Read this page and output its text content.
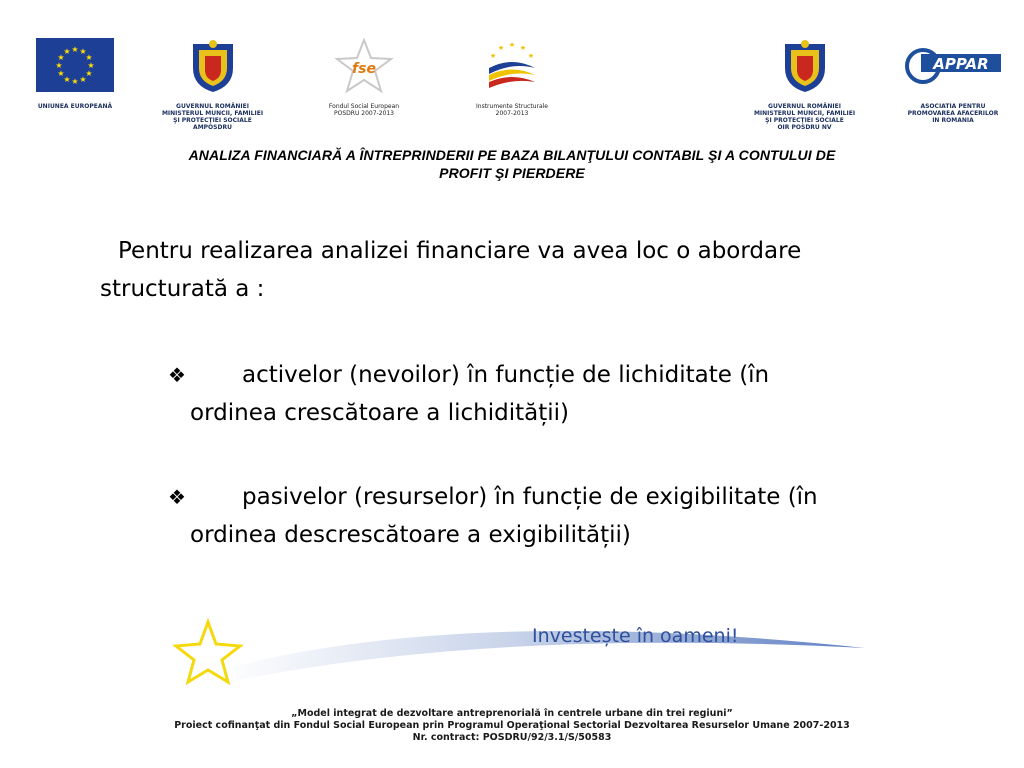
★ ★
★
★
★
★
★
★
★
★
★
★
UNIUNEA EUROPEANĂ	GUVERNUL ROMÂNIEI
MINISTERUL MUNCII, FAMILIEI
ŞI PROTECŢIEI SOCIALE
AMPOSDRU
fse
Fondul Social European
POSDRU 2007-2013
★ ★
★
★
★
Instrumente Structurale
2007-2013
GUVERNUL ROMÂNIEI
MINISTERUL MUNCII, FAMILIEI
ŞI PROTECŢIEI SOCIALE
OIR POSDRU NV
APPAR
ASOCIATIA PENTRU
PROMOVAREA AFACERILOR
IN ROMANIA
ANALIZA FINANCIARĂ A ÎNTREPRINDERII PE BAZA BILANŢULUI CONTABIL ŞI A CONTULUI DE
PROFIT ŞI PIERDERE
Pentru realizarea analizei financiare va avea loc o abordare
structurată a :
❖	activelor (nevoilor) în funcție de lichiditate (în
ordinea crescătoare a lichidității)
❖	pasivelor (resurselor) în funcție de exigibilitate (în
ordinea descrescătoare a exigibilității)
Investește în oameni!
„Model integrat de dezvoltare antreprenorială în centrele urbane din trei regiuni”
Proiect cofinanţat din Fondul Social European prin Programul Operaţional Sectorial Dezvoltarea Resurselor Umane 2007-2013
Nr. contract: POSDRU/92/3.1/S/50583
